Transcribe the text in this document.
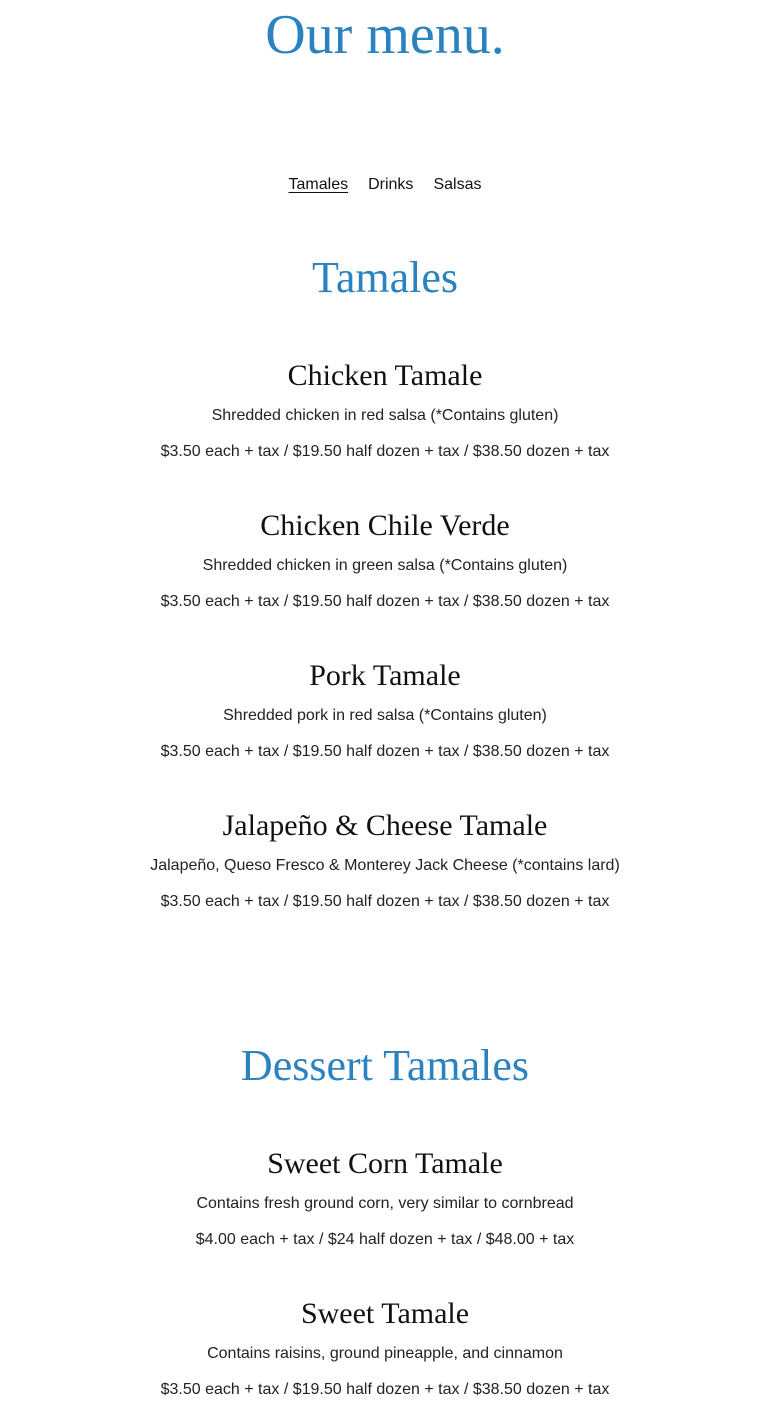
Our menu.
Tamales Drinks Salsas
Tamales
Chicken Tamale

Shredded chicken in red salsa (*Contains gluten)

$3.50 each + tax / $19.50 half dozen + tax / $38.50 dozen + tax

Chicken Chile Verde

Shredded chicken in green salsa (*Contains gluten)

$3.50 each + tax / $19.50 half dozen + tax / $38.50 dozen + tax

Pork Tamale

Shredded pork in red salsa (*Contains gluten)

$3.50 each + tax / $19.50 half dozen + tax / $38.50 dozen + tax

Jalapeño & Cheese Tamale

Jalapeño, Queso Fresco & Monterey Jack Cheese (*contains lard)

$3.50 each + tax / $19.50 half dozen + tax / $38.50 dozen + tax

Dessert Tamales
Sweet Corn Tamale

Contains fresh ground corn, very similar to cornbread

$4.00 each + tax / $24 half dozen + tax / $48.00 + tax

Sweet Tamale

Contains raisins, ground pineapple, and cinnamon

$3.50 each + tax / $19.50 half dozen + tax / $38.50 dozen + tax
